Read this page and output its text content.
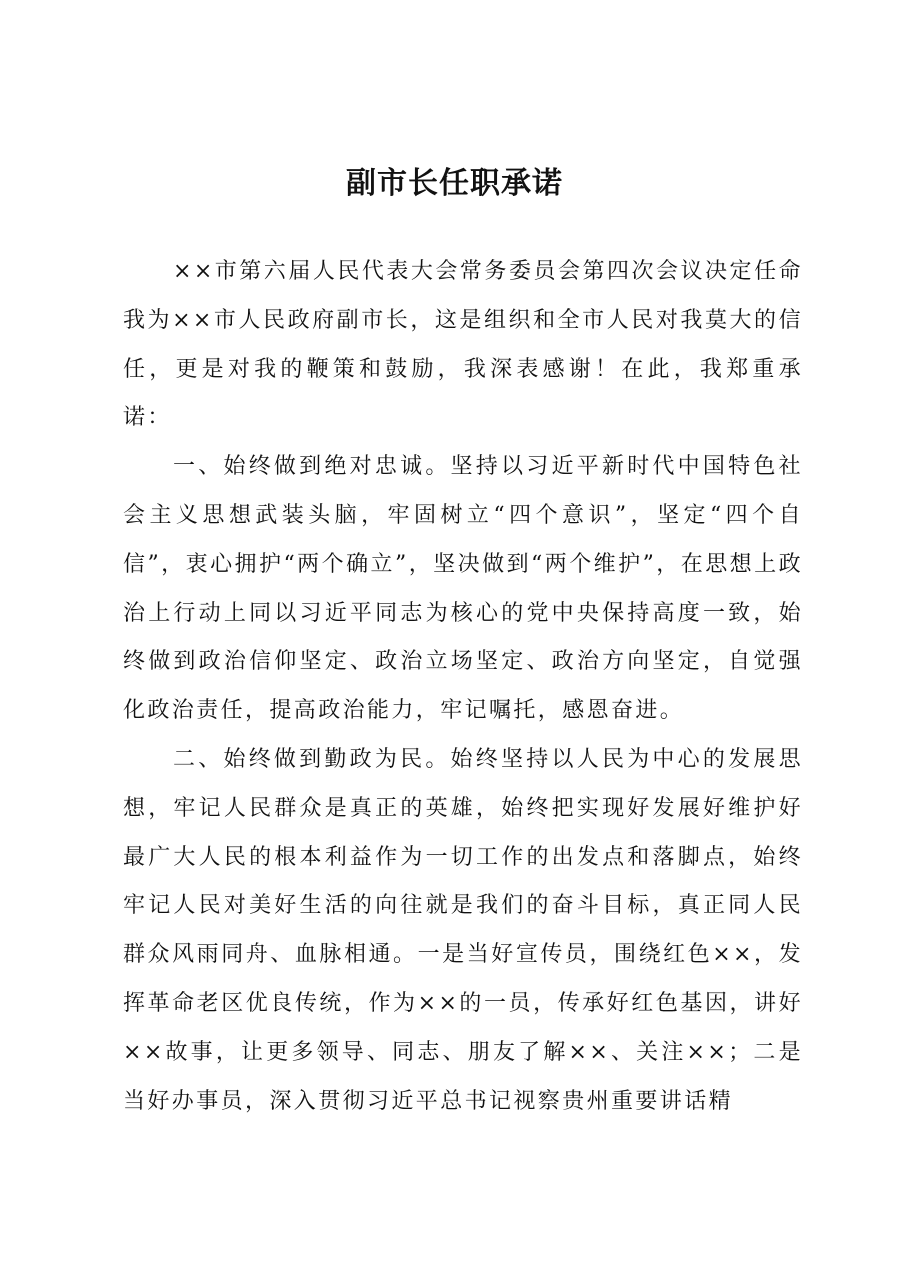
副市长任职承诺

××市第六届人民代表大会常务委员会第四次会议决定任命我为××市人民政府副市长，这是组织和全市人民对我莫大的信任，更是对我的鞭策和鼓励，我深表感谢！在此，我郑重承诺：

一、始终做到绝对忠诚。坚持以习近平新时代中国特色社会主义思想武装头脑，牢固树立“四个意识”，坚定“四个自信”，衷心拥护“两个确立”，坚决做到“两个维护”，在思想上政治上行动上同以习近平同志为核心的党中央保持高度一致，始终做到政治信仰坚定、政治立场坚定、政治方向坚定，自觉强化政治责任，提高政治能力，牢记嘱托，感恩奋进。

二、始终做到勤政为民。始终坚持以人民为中心的发展思想，牢记人民群众是真正的英雄，始终把实现好发展好维护好最广大人民的根本利益作为一切工作的出发点和落脚点，始终牢记人民对美好生活的向往就是我们的奋斗目标，真正同人民群众风雨同舟、血脉相通。一是当好宣传员，围绕红色××，发挥革命老区优良传统，作为××的一员，传承好红色基因，讲好××故事，让更多领导、同志、朋友了解××、关注××；二是当好办事员，深入贯彻习近平总书记视察贵州重要讲话精
